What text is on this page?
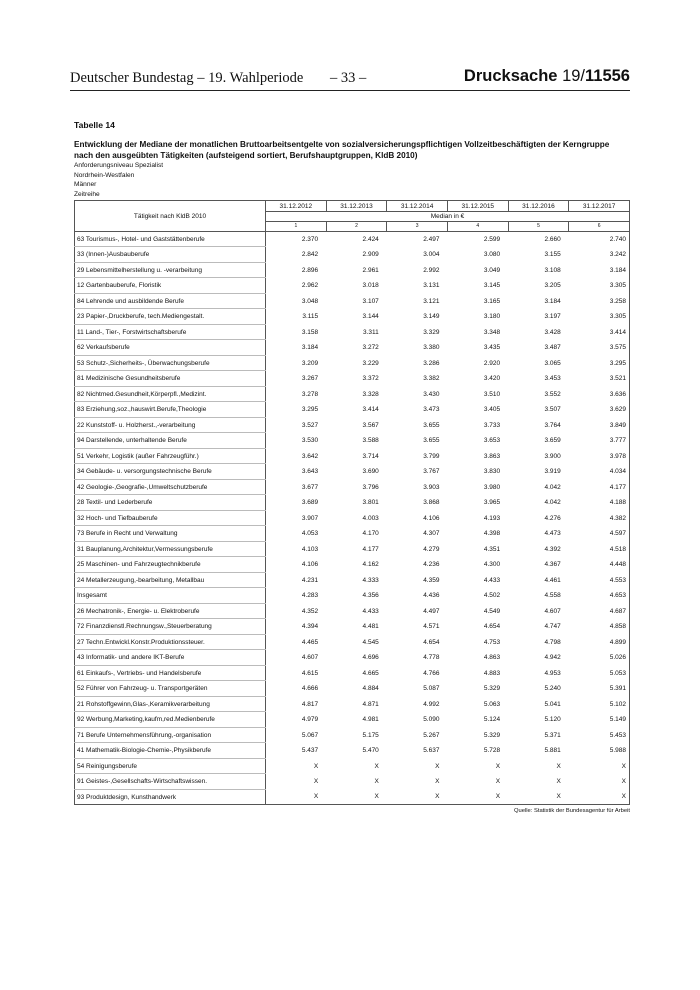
Deutscher Bundestag – 19. Wahlperiode – 33 –	Drucksache 19/11556
Tabelle 14
Entwicklung der Mediane der monatlichen Bruttoarbeitsentgelte von sozialversicherungspflichtigen Vollzeitbeschäftigten der Kerngruppe nach den ausgeübten Tätigkeiten (aufsteigend sortiert, Berufshauptgruppen, KldB 2010)
Anforderungsniveau Spezialist
Nordrhein-Westfalen
Männer
Zeitreihe
Tätigkeit nach KldB 2010	31.12.2012	31.12.2013	31.12.2014	31.12.2015	31.12.2016	31.12.2017
	Median in €					
	1	2	3	4	5	6
63 Tourismus-, Hotel- und Gaststättenberufe	2.370	2.424	2.497	2.599	2.660	2.740
33 (Innen-)Ausbauberufe	2.842	2.909	3.004	3.080	3.155	3.242
29 Lebensmittelherstellung u. -verarbeitung	2.896	2.961	2.992	3.049	3.108	3.184
12 Gartenbauberufe, Floristik	2.962	3.018	3.131	3.145	3.205	3.305
84 Lehrende und ausbildende Berufe	3.048	3.107	3.121	3.165	3.184	3.258
23 Papier-,Druckberufe, tech.Mediengestalt.	3.115	3.144	3.149	3.180	3.197	3.305
11 Land-, Tier-, Forstwirtschaftsberufe	3.158	3.311	3.329	3.348	3.428	3.414
62 Verkaufsberufe	3.184	3.272	3.380	3.435	3.487	3.575
53 Schutz-,Sicherheits-, Überwachungsberufe	3.209	3.229	3.286	2.920	3.065	3.295
81 Medizinische Gesundheitsberufe	3.267	3.372	3.382	3.420	3.453	3.521
82 Nichtmed.Gesundheit,Körperpfl.,Medizint.	3.278	3.328	3.430	3.510	3.552	3.636
83 Erziehung,soz.,hauswirt.Berufe,Theologie	3.295	3.414	3.473	3.405	3.507	3.629
22 Kunststoff- u. Holzherst.,-verarbeitung	3.527	3.567	3.655	3.733	3.764	3.849
94 Darstellende, unterhaltende Berufe	3.530	3.588	3.655	3.653	3.659	3.777
51 Verkehr, Logistik (außer Fahrzeugführ.)	3.642	3.714	3.799	3.863	3.900	3.978
34 Gebäude- u. versorgungstechnische Berufe	3.643	3.690	3.767	3.830	3.919	4.034
42 Geologie-,Geografie-,Umweltschutzberufe	3.677	3.796	3.903	3.980	4.042	4.177
28 Textil- und Lederberufe	3.689	3.801	3.868	3.965	4.042	4.188
32 Hoch- und Tiefbauberufe	3.907	4.003	4.106	4.193	4.276	4.382
73 Berufe in Recht und Verwaltung	4.053	4.170	4.307	4.398	4.473	4.597
31 Bauplanung,Architektur,Vermessungsberufe	4.103	4.177	4.279	4.351	4.392	4.518
25 Maschinen- und Fahrzeugtechnikberufe	4.106	4.162	4.236	4.300	4.367	4.448
24 Metallerzeugung,-bearbeitung, Metallbau	4.231	4.333	4.359	4.433	4.461	4.553
Insgesamt	4.283	4.356	4.436	4.502	4.558	4.653
26 Mechatronik-, Energie- u. Elektroberufe	4.352	4.433	4.497	4.549	4.607	4.687
72 Finanzdienstl.Rechnungsw.,Steuerberatung	4.394	4.481	4.571	4.654	4.747	4.858
27 Techn.Entwickl.Konstr.Produktionssteuer.	4.465	4.545	4.654	4.753	4.798	4.899
43 Informatik- und andere IKT-Berufe	4.607	4.696	4.778	4.863	4.942	5.026
61 Einkaufs-, Vertriebs- und Handelsberufe	4.615	4.665	4.766	4.883	4.953	5.053
52 Führer von Fahrzeug- u. Transportgeräten	4.666	4.884	5.087	5.329	5.240	5.391
21 Rohstoffgewinn,Glas-,Keramikverarbeitung	4.817	4.871	4.992	5.063	5.041	5.102
92 Werbung,Marketing,kaufm,red.Medienberufe	4.979	4.981	5.090	5.124	5.120	5.149
71 Berufe Unternehmensführung,-organisation	5.067	5.175	5.267	5.329	5.371	5.453
41 Mathematik-Biologie-Chemie-,Physikberufe	5.437	5.470	5.637	5.728	5.881	5.988
54 Reinigungsberufe	X	X	X	X	X	X
91 Geistes-,Gesellschafts-Wirtschaftswissen.	X	X	X	X	X	X
93 Produktdesign, Kunsthandwerk	X	X	X	X	X	X
Quelle: Statistik der Bundesagentur für Arbeit
